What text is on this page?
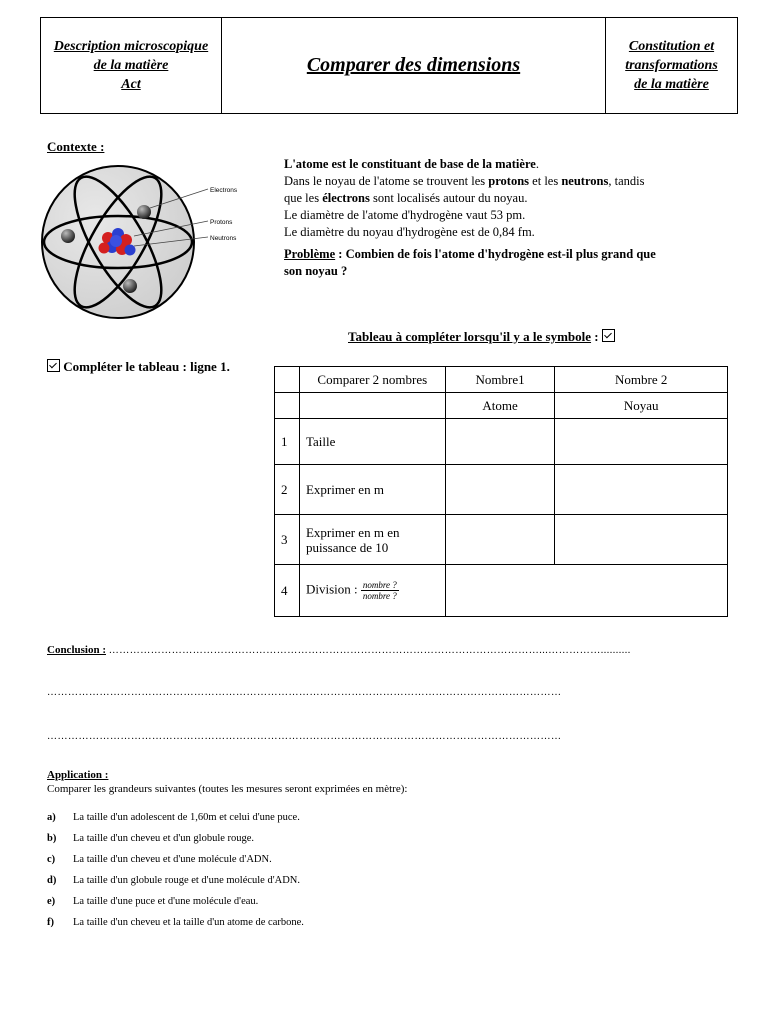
Description microscopique
de la matière
Act
Comparer des dimensions
Constitution et
transformations
de la matière
Contexte :
Electrons
Protons
Neutrons
L'atome est le constituant de base de la matière.
Dans le noyau de l'atome se trouvent les protons et les neutrons, tandis
que les électrons sont localisés autour du noyau.
Le diamètre de l'atome d'hydrogène vaut 53 pm.
Le diamètre du noyau d'hydrogène est de 0,84 fm.
Problème : Combien de fois l'atome d'hydrogène est-il plus grand que
son noyau ?
Tableau à compléter lorsqu'il y a le symbole :
Compléter le tableau : ligne 1.
	Comparer 2 nombres	Nombre1	Nombre 2
		Atome	Noyau
1	Taille		
2	Exprimer en m		
3	Exprimer en m en puissance de 10		
4	Division : $\frac{\text{nombre ?}}{\text{nombre ?}}$

Conclusion : ……………………………………………………………………………………………………………...……………..........
…………………………………………………………………………………………………………………………………
…………………………………………………………………………………………………………………………………
Application :
Comparer les grandeurs suivantes (toutes les mesures seront exprimées en mètre):
a) La taille d'un adolescent de 1,60m et celui d'une puce.
b) La taille d'un cheveu et d'un globule rouge.
c) La taille d'un cheveu et d'une molécule d'ADN.
d) La taille d'un globule rouge et d'une molécule d'ADN.
e) La taille d'une puce et d'une molécule d'eau.
f) La taille d'un cheveu et la taille d'un atome de carbone.
